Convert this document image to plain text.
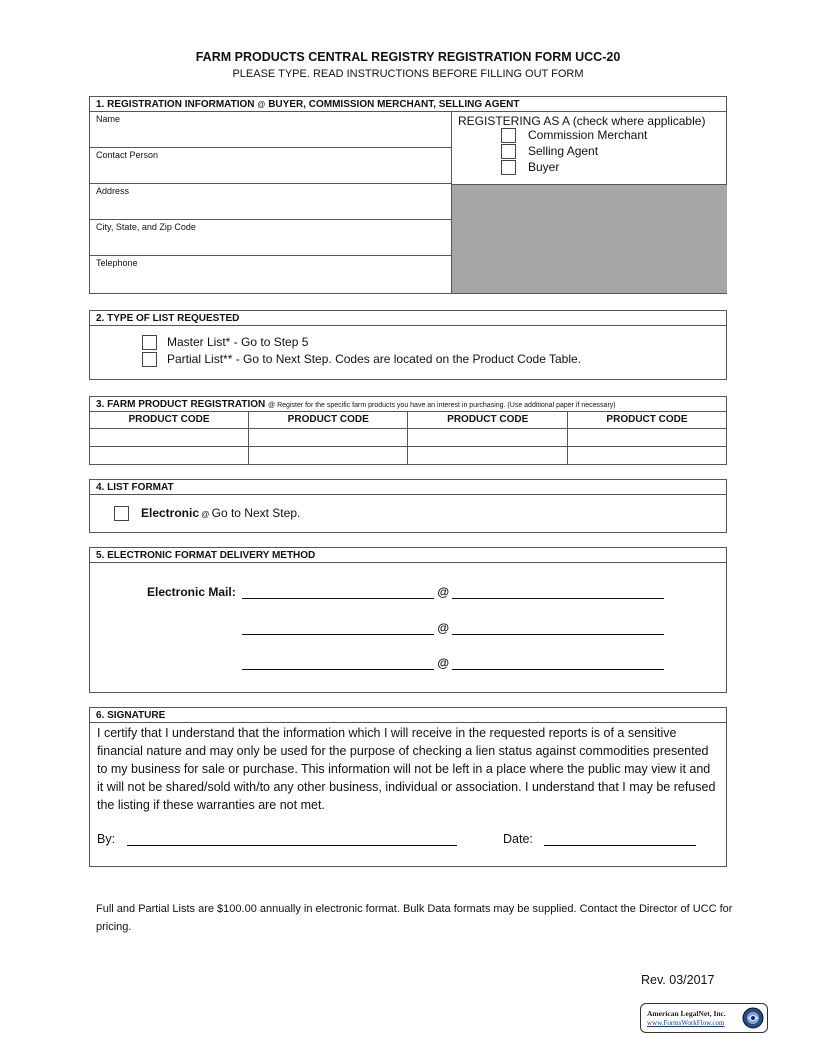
FARM PRODUCTS CENTRAL REGISTRY REGISTRATION FORM UCC-20
PLEASE TYPE. READ INSTRUCTIONS BEFORE FILLING OUT FORM
1. REGISTRATION INFORMATION @ BUYER, COMMISSION MERCHANT, SELLING AGENT
Name
Contact Person
Address
City, State, and Zip Code
Telephone
REGISTERING AS A (check where applicable)
Commission Merchant
Selling Agent
Buyer
2. TYPE OF LIST REQUESTED
Master List* - Go to Step 5
Partial List** - Go to Next Step. Codes are located on the Product Code Table.
3. FARM PRODUCT REGISTRATION @ Register for the specific farm products you have an interest in purchasing. (Use additional paper if necessary)
PRODUCT CODE	PRODUCT CODE	PRODUCT CODE	PRODUCT CODE

4. LIST FORMAT
Electronic @ Go to Next Step.
5. ELECTRONIC FORMAT DELIVERY METHOD
Electronic Mail:	@
@
@
6. SIGNATURE
I certify that I understand that the information which I will receive in the requested reports is of a sensitive financial nature and may only be used for the purpose of checking a lien status against commodities presented to my business for sale or purchase. This information will not be left in a place where the public may view it and it will not be shared/sold with/to any other business, individual or association. I understand that I may be refused the listing if these warranties are not met.
By:	Date:
Full and Partial Lists are $100.00 annually in electronic format. Bulk Data formats may be supplied. Contact the Director of UCC for pricing.
Rev. 03/2017
American LegalNet, Inc.
www.FormsWorkFlow.com
